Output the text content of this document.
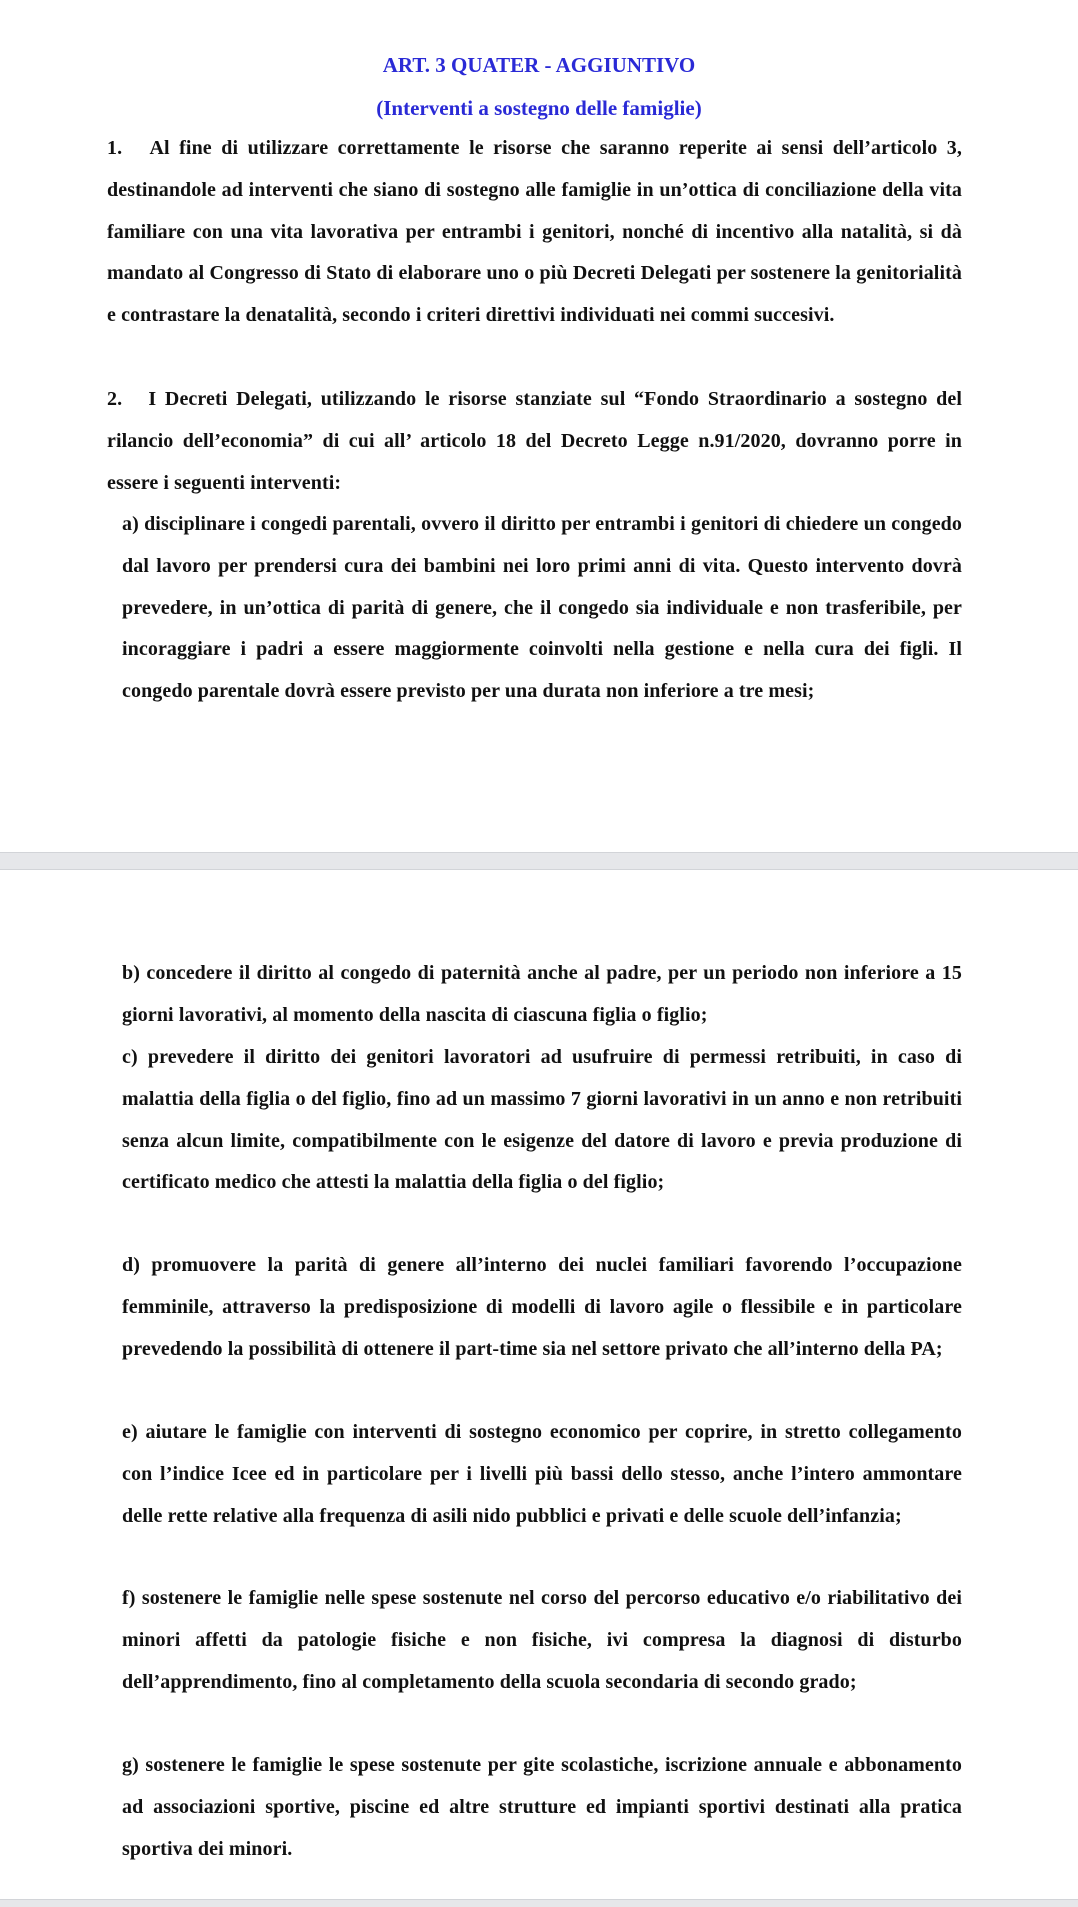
ART. 3 QUATER - AGGIUNTIVO
(Interventi a sostegno delle famiglie)

1.   Al fine di utilizzare correttamente le risorse che saranno reperite ai sensi dell’articolo 3, destinandole ad interventi che siano di sostegno alle famiglie in un’ottica di conciliazione della vita familiare con una vita lavorativa per entrambi i genitori, nonché di incentivo alla natalità, si dà mandato al Congresso di Stato di elaborare uno o più Decreti Delegati per sostenere la genitorialità e contrastare la denatalità, secondo i criteri direttivi individuati nei commi succesivi.

2.   I Decreti Delegati, utilizzando le risorse stanziate sul “Fondo Straordinario a sostegno del rilancio dell’economia” di cui all’ articolo 18 del Decreto Legge n.91/2020, dovranno porre in essere i seguenti interventi:

a) disciplinare i congedi parentali, ovvero il diritto per entrambi i genitori di chiedere un congedo dal lavoro per prendersi cura dei bambini nei loro primi anni di vita. Questo intervento dovrà prevedere, in un’ottica di parità di genere, che il congedo sia individuale e non trasferibile, per incoraggiare i padri a essere maggiormente coinvolti nella gestione e nella cura dei figli. Il congedo parentale dovrà essere previsto per una durata non inferiore a tre mesi;

b) concedere il diritto al congedo di paternità anche al padre, per un periodo non inferiore a 15 giorni lavorativi, al momento della nascita di ciascuna figlia o figlio;

c) prevedere il diritto dei genitori lavoratori ad usufruire di permessi retribuiti, in caso di malattia della figlia o del figlio, fino ad un massimo 7 giorni lavorativi in un anno e non retribuiti senza alcun limite, compatibilmente con le esigenze del datore di lavoro e previa produzione di certificato medico che attesti la malattia della figlia o del figlio;

d) promuovere la parità di genere all’interno dei nuclei familiari favorendo l’occupazione femminile, attraverso la predisposizione di modelli di lavoro agile o flessibile e in particolare prevedendo la possibilità di ottenere il part-time sia nel settore privato che all’interno della PA;

e) aiutare le famiglie con interventi di sostegno economico per coprire, in stretto collegamento con l’indice Icee ed in particolare per i livelli più bassi dello stesso, anche l’intero ammontare delle rette relative alla frequenza di asili nido pubblici e privati e delle scuole dell’infanzia;

f) sostenere le famiglie nelle spese sostenute nel corso del percorso educativo e/o riabilitativo dei minori affetti da patologie fisiche e non fisiche, ivi compresa la diagnosi di disturbo dell’apprendimento, fino al completamento della scuola secondaria di secondo grado;

g) sostenere le famiglie le spese sostenute per gite scolastiche, iscrizione annuale e abbonamento ad associazioni sportive, piscine ed altre strutture ed impianti sportivi destinati alla pratica sportiva dei minori.
